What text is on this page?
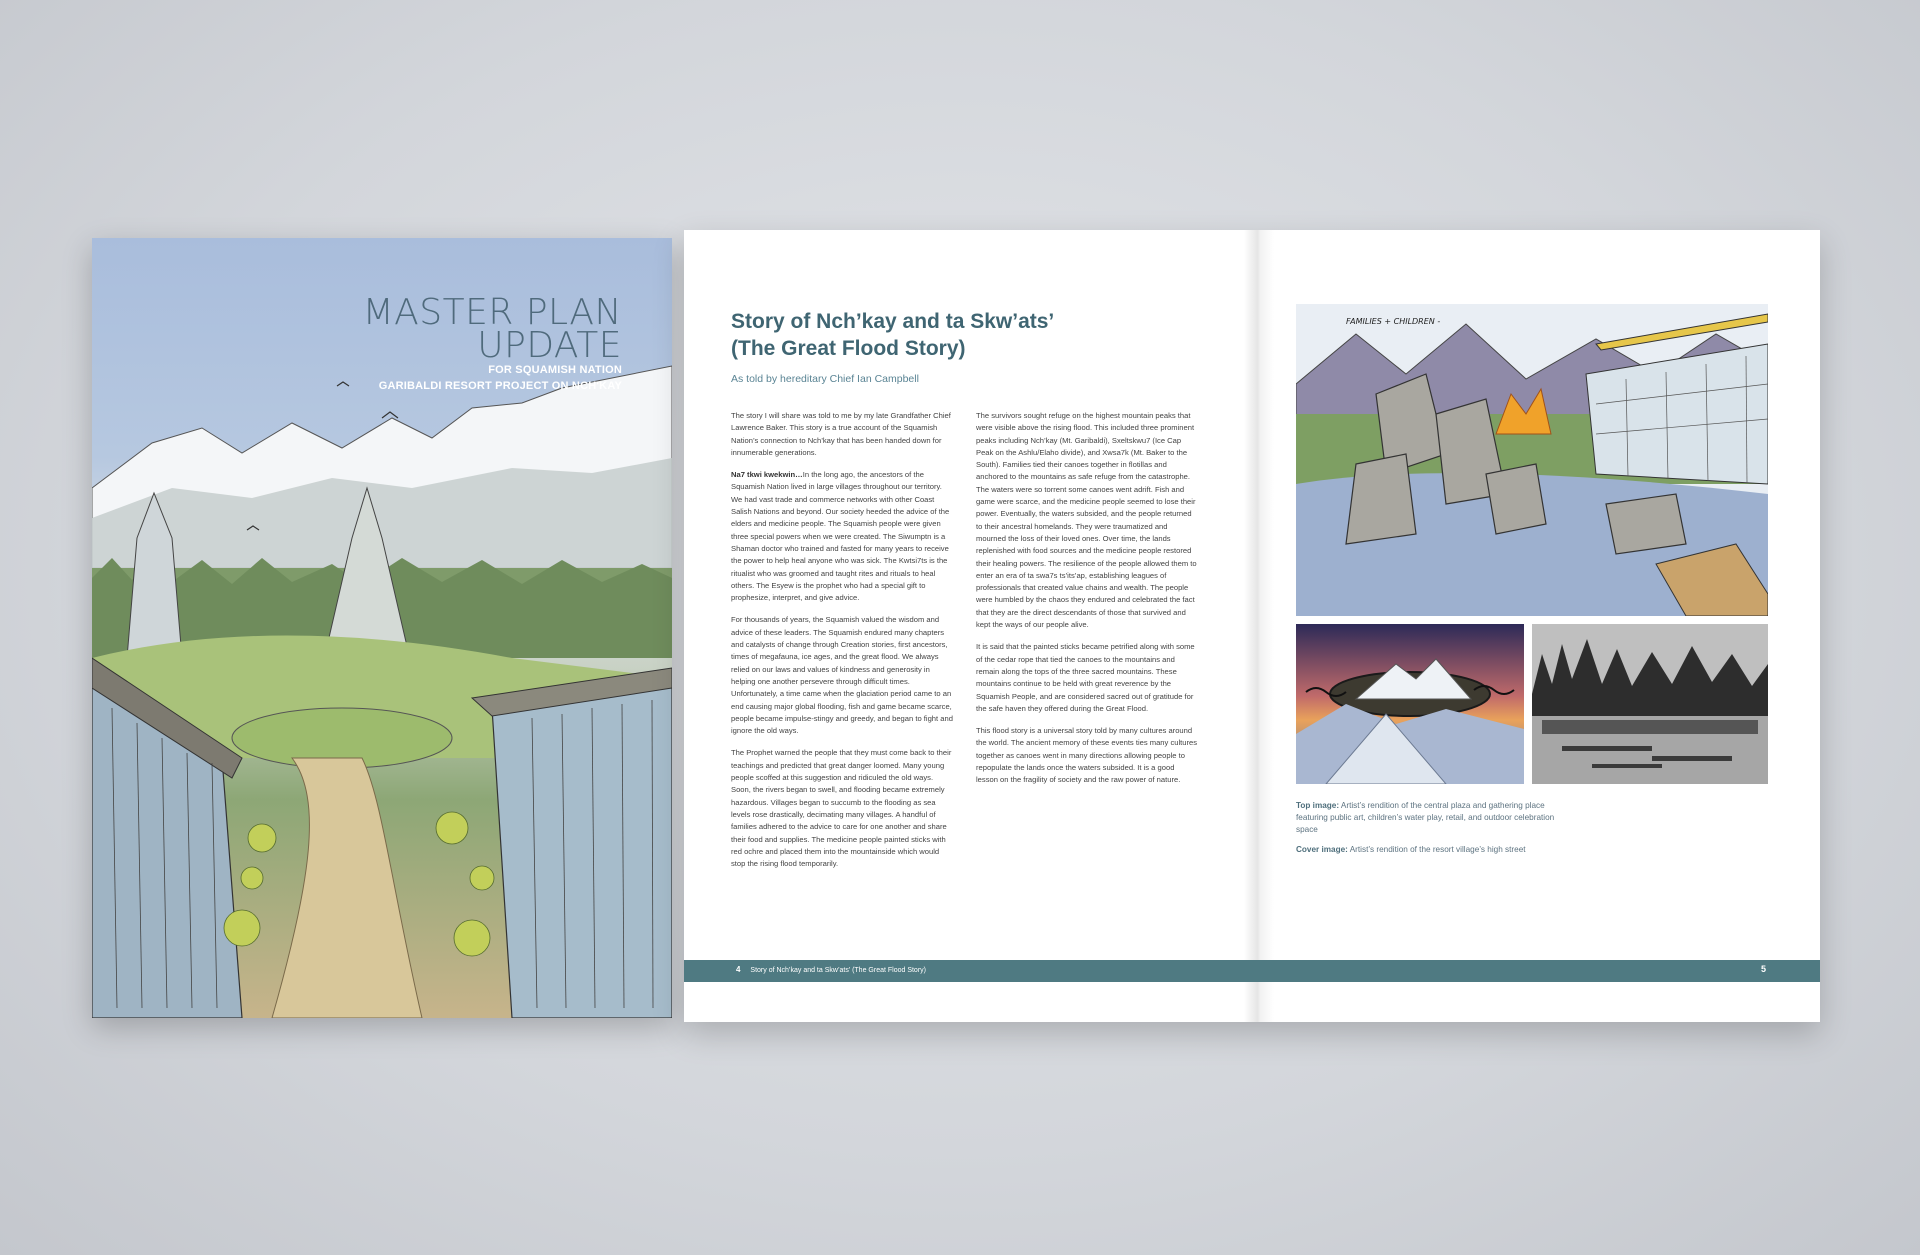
MASTER PLAN
UPDATE
FOR SQUAMISH NATION
GARIBALDI RESORT PROJECT ON NCH'KAY
Story of Nch’kay and ta Skw’ats’
(The Great Flood Story)
As told by hereditary Chief Ian Campbell

The story I will share was told to me by my late Grandfather Chief Lawrence Baker. This story is a true account of the Squamish Nation’s connection to Nch’kay that has been handed down for innumerable generations.

Na7 tkwi kwekwin…In the long ago, the ancestors of the Squamish Nation lived in large villages throughout our territory. We had vast trade and commerce networks with other Coast Salish Nations and beyond. Our society heeded the advice of the elders and medicine people. The Squamish people were given three special powers when we were created. The Siwumptn is a Shaman doctor who trained and fasted for many years to receive the power to help heal anyone who was sick. The Kwtsi7ts is the ritualist who was groomed and taught rites and rituals to heal others. The Esyew is the prophet who had a special gift to prophesize, interpret, and give advice.

For thousands of years, the Squamish valued the wisdom and advice of these leaders. The Squamish endured many chapters and catalysts of change through Creation stories, first ancestors, times of megafauna, ice ages, and the great flood. We always relied on our laws and values of kindness and generosity in helping one another persevere through difficult times. Unfortunately, a time came when the glaciation period came to an end causing major global flooding, fish and game became scarce, people became impulse-stingy and greedy, and began to fight and ignore the old ways.

The Prophet warned the people that they must come back to their teachings and predicted that great danger loomed. Many young people scoffed at this suggestion and ridiculed the old ways. Soon, the rivers began to swell, and flooding became extremely hazardous. Villages began to succumb to the flooding as sea levels rose drastically, decimating many villages. A handful of families adhered to the advice to care for one another and share their food and supplies. The medicine people painted sticks with red ochre and placed them into the mountainside which would stop the rising flood temporarily.

The survivors sought refuge on the highest mountain peaks that were visible above the rising flood. This included three prominent peaks including Nch’kay (Mt. Garibaldi), Sxeltskwu7 (Ice Cap Peak on the Ashlu/Elaho divide), and Xwsa7k (Mt. Baker to the South). Families tied their canoes together in flotillas and anchored to the mountains as safe refuge from the catastrophe. The waters were so torrent some canoes went adrift. Fish and game were scarce, and the medicine people seemed to lose their power. Eventually, the waters subsided, and the people returned to their ancestral homelands. They were traumatized and mourned the loss of their loved ones. Over time, the lands replenished with food sources and the medicine people restored their healing powers. The resilience of the people allowed them to enter an era of ta swa7s ts’its’ap, establishing leagues of professionals that created value chains and wealth. The people were humbled by the chaos they endured and celebrated the fact that they are the direct descendants of those that survived and kept the ways of our people alive.

It is said that the painted sticks became petrified along with some of the cedar rope that tied the canoes to the mountains and remain along the tops of the three sacred mountains. These mountains continue to be held with great reverence by the Squamish People, and are considered sacred out of gratitude for the safe haven they offered during the Great Flood.

This flood story is a universal story told by many cultures around the world. The ancient memory of these events ties many cultures together as canoes went in many directions allowing people to repopulate the lands once the waters subsided. It is a good lesson on the fragility of society and the raw power of nature.

FAMILIES + CHILDREN -
Top image: Artist’s rendition of the central plaza and gathering place featuring public art, children’s water play, retail, and outdoor celebration space
Cover image: Artist’s rendition of the resort village’s high street
4 Story of Nch’kay and ta Skw’ats’ (The Great Flood Story)	5
